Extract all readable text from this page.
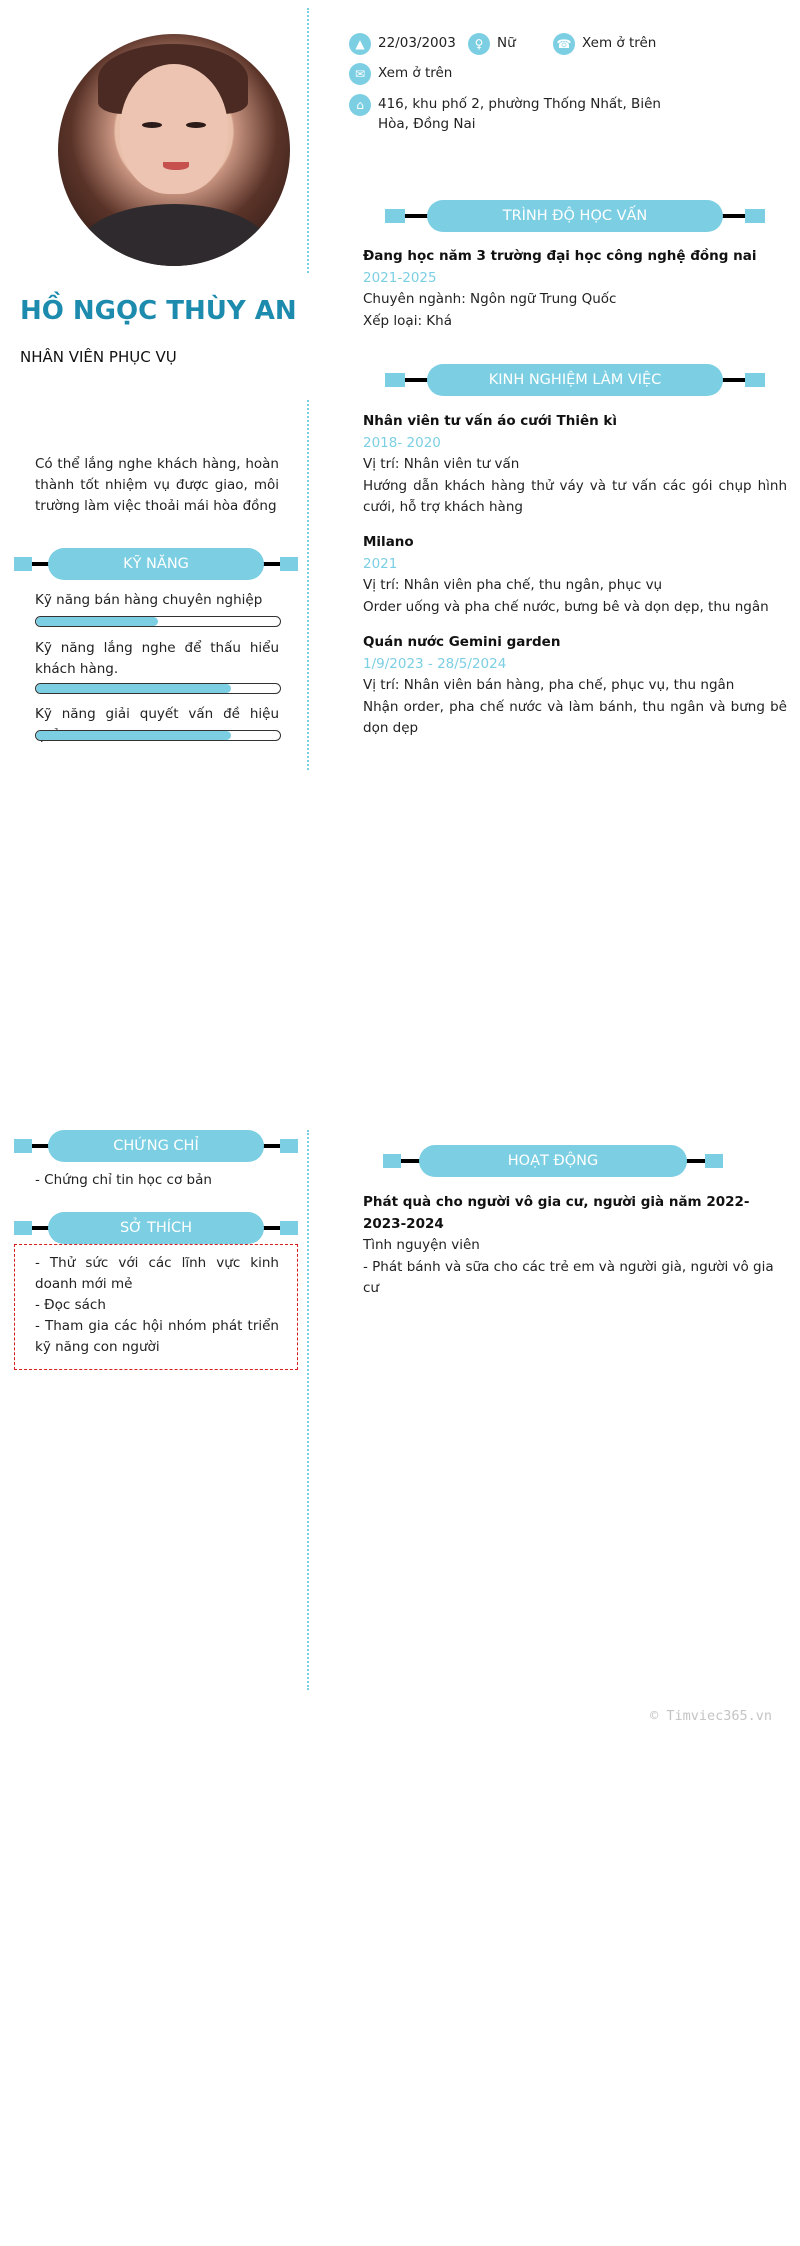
HỒ NGỌC THÙY AN
NHÂN VIÊN PHỤC VỤ
Có thể lắng nghe khách hàng, hoàn thành tốt nhiệm vụ được giao, môi trường làm việc thoải mái hòa đồng
KỸ NĂNG
Kỹ năng bán hàng chuyên nghiệp
Kỹ năng lắng nghe để thấu hiểu khách hàng.
Kỹ năng giải quyết vấn đề hiệu
CHỨNG CHỈ
- Chứng chỉ tin học cơ bản
SỞ THÍCH
- Thử sức với các lĩnh vực kinh doanh mới mẻ
- Đọc sách
- Tham gia các hội nhóm phát triển kỹ năng con người
▲ 22/03/2003	♀	Nữ	☎ Xem ở trên
✉ Xem ở trên
⌂	416, khu phố 2, phường Thống Nhất, Biên Hòa, Đồng Nai
TRÌNH ĐỘ HỌC VẤN
Đang học năm 3 trường đại học công nghệ đồng nai
2021-2025
Chuyên ngành: Ngôn ngữ Trung Quốc
Xếp loại: Khá
KINH NGHIỆM LÀM VIỆC
Nhân viên tư vấn áo cưới Thiên kì
2018- 2020
Vị trí: Nhân viên tư vấn
Hướng dẫn khách hàng thử váy và tư vấn các gói chụp hình cưới, hỗ trợ khách hàng
Milano
2021
Vị trí: Nhân viên pha chế, thu ngân, phục vụ
Order uống và pha chế nước, bưng bê và dọn dẹp, thu ngân
Quán nước Gemini garden
1/9/2023 - 28/5/2024
Vị trí: Nhân viên bán hàng, pha chế, phục vụ, thu ngân
Nhận order, pha chế nước và làm bánh, thu ngân và bưng bê dọn dẹp
HOẠT ĐỘNG
Phát quà cho người vô gia cư, người già năm 2022-2023-2024
Tình nguyện viên
- Phát bánh và sữa cho các trẻ em và người già, người vô gia cư
© Timviec365.vn
